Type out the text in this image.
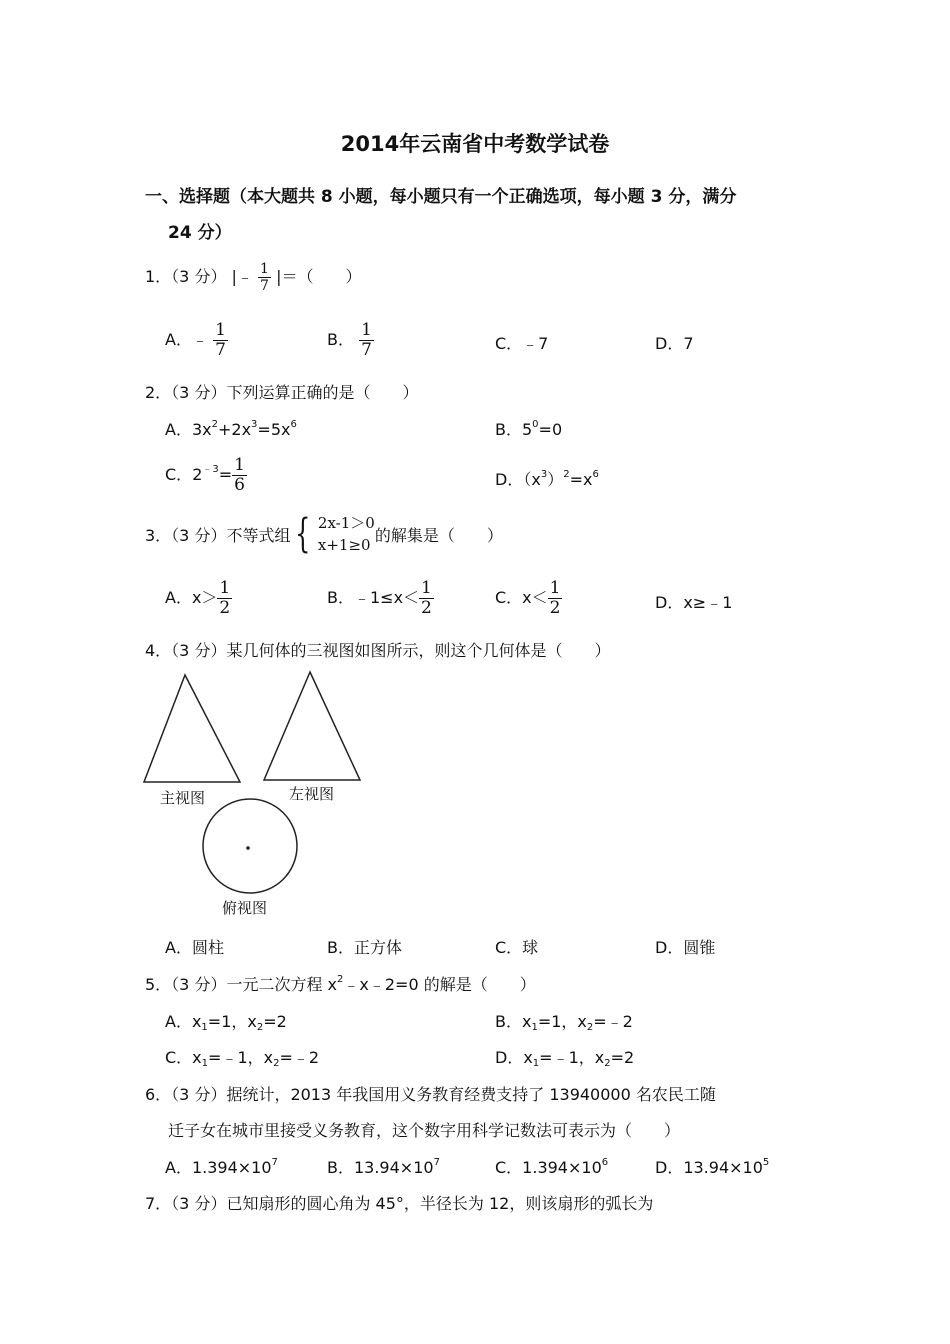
2014年云南省中考数学试卷
一、选择题（本大题共 8 小题，每小题只有一个正确选项，每小题 3 分，满分
24 分）
1．（3 分） |﹣ $\frac{1}{7}$ |＝（　　）
A．﹣ $\frac{1}{7}$	B． $\frac{1}{7}$	C．﹣7	D．7
2．（3 分）下列运算正确的是（　　）
A．$3x^2+2x^3=5x^6$	B．$5^0=0$
C．$2^{﹣3}= \frac{1}{6}$	D．$(x^3)^2=x^6$
3．（3 分）不等式组 { 2x-1＞0
x+1≥0
的解集是（　　）
A．$x> \frac{1}{2}$	B．﹣1≤x＜ $\frac{1}{2}$	C．$x< \frac{1}{2}$	D．x≥﹣1
4．（3 分）某几何体的三视图如图所示，则这个几何体是（　　）
主视图	左视图
俯视图
A．圆柱	B．正方体	C．球	D．圆锥
5．（3 分）一元二次方程 $x^2﹣x﹣2=0$ 的解是（　　）
A．$x_1=1$，$x_2=2$	B．$x_1=1$，$x_2=﹣2$
C．$x_1=﹣1$，$x_2=﹣2$	D．$x_1=﹣1$，$x_2=2$
6．（3 分）据统计，2013 年我国用义务教育经费支持了 13940000 名农民工随
迁子女在城市里接受义务教育，这个数字用科学记数法可表示为（　　）
A．$1.394\times 10^7$	B．$13.94\times 10^7$	C．$1.394\times 10^6$	D．$13.94\times 10^5$
7．（3 分）已知扇形的圆心角为 45°，半径长为 12，则该扇形的弧长为
